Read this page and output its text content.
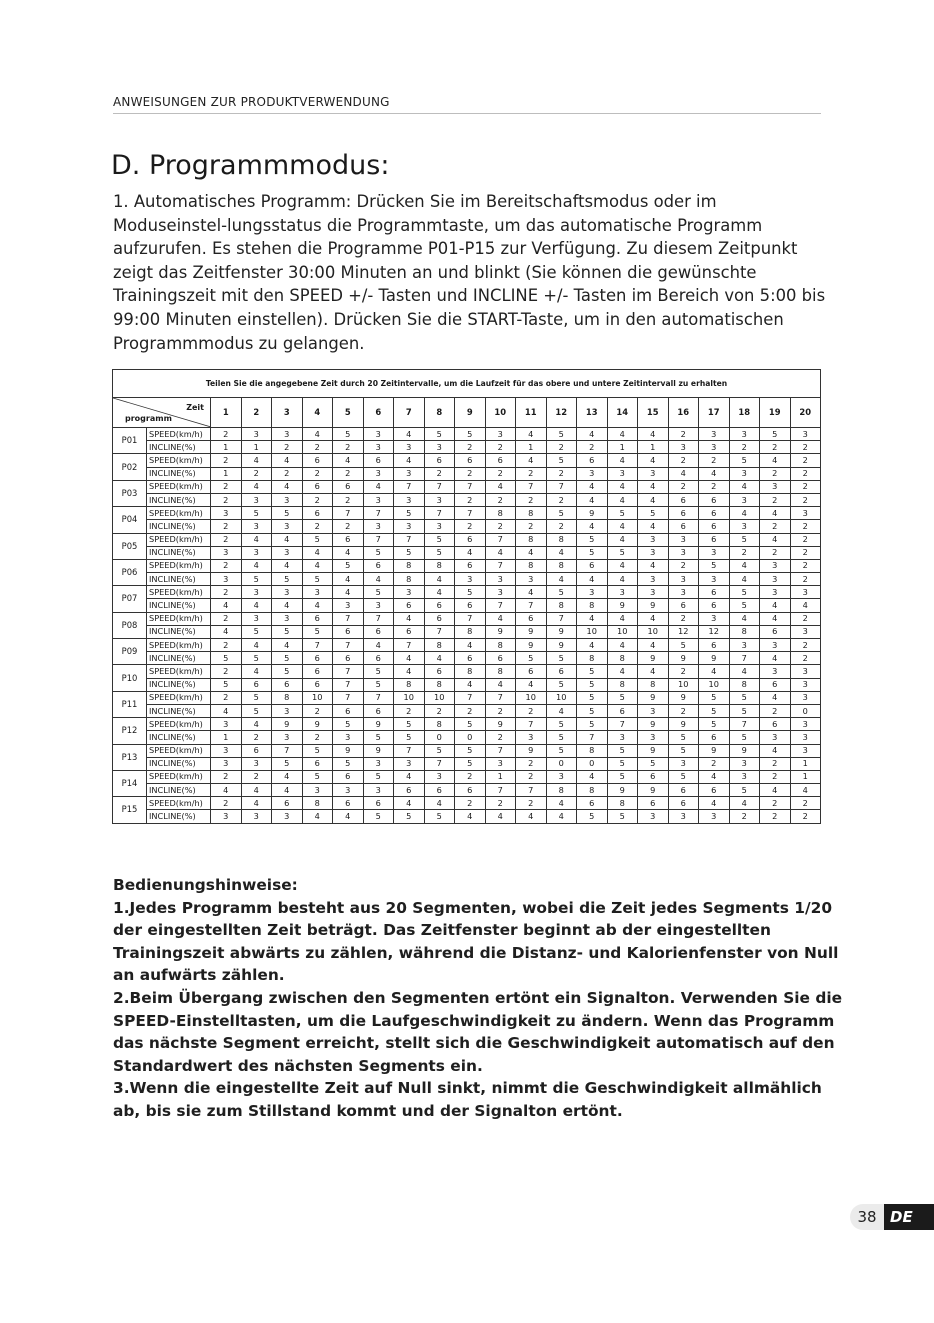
ANWEISUNGEN ZUR PRODUKTVERWENDUNG
D. Programmmodus:

1. Automatisches Programm: Drücken Sie im Bereitschaftsmodus oder im Moduseinstel-lungsstatus die Programmtaste, um das automatische Programm aufzurufen. Es stehen die Programme P01-P15 zur Verfügung. Zu diesem Zeitpunkt zeigt das Zeitfenster 30:00 Minuten an und blinkt (Sie können die gewünschte Trainingszeit mit den SPEED +/- Tasten und INCLINE +/- Tasten im Bereich von 5:00 bis 99:00 Minuten einstellen). Drücken Sie die START-Taste, um in den automatischen Programmmodus zu gelangen.

Teilen Sie die angegebene Zeit durch 20 Zeitintervalle, um die Laufzeit für das obere und untere Zeitintervall zu erhalten																					

Zeit
programm		1	2	3	4	5	6	7	8	9	10	11	12	13	14	15	16	17	18	19	20
P01	SPEED(km/h)	2	3	3	4	5	3	4	5	5	3	4	5	4	4	4	2	3	3	5	3
	INCLINE(%)	1	1	2	2	2	3	3	3	2	2	1	2	2	1	1	3	3	2	2	2
P02	SPEED(km/h)	2	4	4	6	4	6	4	6	6	6	4	5	6	4	4	2	2	5	4	2
	INCLINE(%)	1	2	2	2	2	3	3	2	2	2	2	2	3	3	3	4	4	3	2	2
P03	SPEED(km/h)	2	4	4	6	6	4	7	7	7	4	7	7	4	4	4	2	2	4	3	2
	INCLINE(%)	2	3	3	2	2	3	3	3	2	2	2	2	4	4	4	6	6	3	2	2
P04	SPEED(km/h)	3	5	5	6	7	7	5	7	7	8	8	5	9	5	5	6	6	4	4	3
	INCLINE(%)	2	3	3	2	2	3	3	3	2	2	2	2	4	4	4	6	6	3	2	2
P05	SPEED(km/h)	2	4	4	5	6	7	7	5	6	7	8	8	5	4	3	3	6	5	4	2
	INCLINE(%)	3	3	3	4	4	5	5	5	4	4	4	4	5	5	3	3	3	2	2	2
P06	SPEED(km/h)	2	4	4	4	5	6	8	8	6	7	8	8	6	4	4	2	5	4	3	2
	INCLINE(%)	3	5	5	5	4	4	8	4	3	3	3	4	4	4	3	3	3	4	3	2
P07	SPEED(km/h)	2	3	3	3	4	5	3	4	5	3	4	5	3	3	3	3	6	5	3	3
	INCLINE(%)	4	4	4	4	3	3	6	6	6	7	7	8	8	9	9	6	6	5	4	4
P08	SPEED(km/h)	2	3	3	6	7	7	4	6	7	4	6	7	4	4	4	2	3	4	4	2
	INCLINE(%)	4	5	5	5	6	6	6	7	8	9	9	9	10	10	10	12	12	8	6	3
P09	SPEED(km/h)	2	4	4	7	7	4	7	8	4	8	9	9	4	4	4	5	6	3	3	2
	INCLINE(%)	5	5	5	6	6	6	4	4	6	6	5	5	8	8	9	9	9	7	4	2
P10	SPEED(km/h)	2	4	5	6	7	5	4	6	8	8	6	6	5	4	4	2	4	4	3	3
	INCLINE(%)	5	6	6	6	7	5	8	8	4	4	4	5	5	8	8	10	10	8	6	3
P11	SPEED(km/h)	2	5	8	10	7	7	10	10	7	7	10	10	5	5	9	9	5	5	4	3
	INCLINE(%)	4	5	3	2	6	6	2	2	2	2	2	4	5	6	3	2	5	5	2	0
P12	SPEED(km/h)	3	4	9	9	5	9	5	8	5	9	7	5	5	7	9	9	5	7	6	3
	INCLINE(%)	1	2	3	2	3	5	5	0	0	2	3	5	7	3	3	5	6	5	3	3
P13	SPEED(km/h)	3	6	7	5	9	9	7	5	5	7	9	5	8	5	9	5	9	9	4	3
	INCLINE(%)	3	3	5	6	5	3	3	7	5	3	2	0	0	5	5	3	2	3	2	1
P14	SPEED(km/h)	2	2	4	5	6	5	4	3	2	1	2	3	4	5	6	5	4	3	2	1
	INCLINE(%)	4	4	4	3	3	3	6	6	6	7	7	8	8	9	9	6	6	5	4	4
P15	SPEED(km/h)	2	4	6	8	6	6	4	4	2	2	2	4	6	8	6	6	4	4	2	2
	INCLINE(%)	3	3	3	4	4	5	5	5	4	4	4	4	5	5	3	3	3	2	2	2

Bedienungshinweise:

1.Jedes Programm besteht aus 20 Segmenten, wobei die Zeit jedes Segments 1/20 der eingestellten Zeit beträgt. Das Zeitfenster beginnt ab der eingestellten Trainingszeit abwärts zu zählen, während die Distanz- und Kalorienfenster von Null an aufwärts zählen.

2.Beim Übergang zwischen den Segmenten ertönt ein Signalton. Verwenden Sie die SPEED-Einstelltasten, um die Laufgeschwindigkeit zu ändern. Wenn das Programm das nächste Segment erreicht, stellt sich die Geschwindigkeit automatisch auf den Standardwert des nächsten Segments ein.

3.Wenn die eingestellte Zeit auf Null sinkt, nimmt die Geschwindigkeit allmählich ab, bis sie zum Stillstand kommt und der Signalton ertönt.

38 DE
